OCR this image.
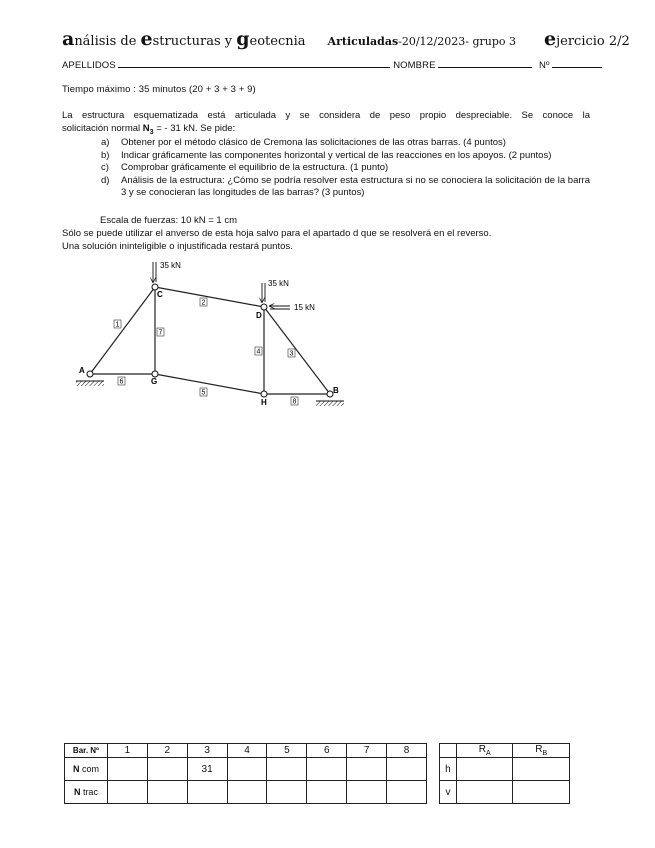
análisis de estructuras y geotecnia Articuladas-20/12/2023- grupo 3 ejercicio 2/2
APELLIDOS	NOMBRE	Nº
Tiempo máximo : 35 minutos (20 + 3 + 3 + 9)
La estructura esquematizada está articulada y se considera de peso propio despreciable. Se conoce la
solicitación normal $N_3$ = - 31 kN. Se pide:
a) Obtener por el método clásico de Cremona las solicitaciones de las otras barras. (4 puntos)
b) Indicar gráficamente las componentes horizontal y vertical de las reacciones en los apoyos. (2 puntos)
c) Comprobar gráficamente el equilibrio de la estructura. (1 punto)
d) Análisis de la estructura: ¿Cómo se podría resolver esta estructura si no se conociera la solicitación de la barra 3 y se conocieran las longitudes de las barras? (3 puntos)
Escala de fuerzas: 10 kN = 1 cm
Sólo se puede utilizar el anverso de esta hoja salvo para el apartado d que se resolverá en el reverso.
Una solución ininteligible o injustificada restará puntos.
1
2
3
4
5
6
7
8
A
C
D
G
H
B
35 kN
35 kN
15 kN
Bar. Nº	1	2	3	4	5	6	7	8
N com			31					
N trac								
	$R_A$	$R_B$
h		
v		
